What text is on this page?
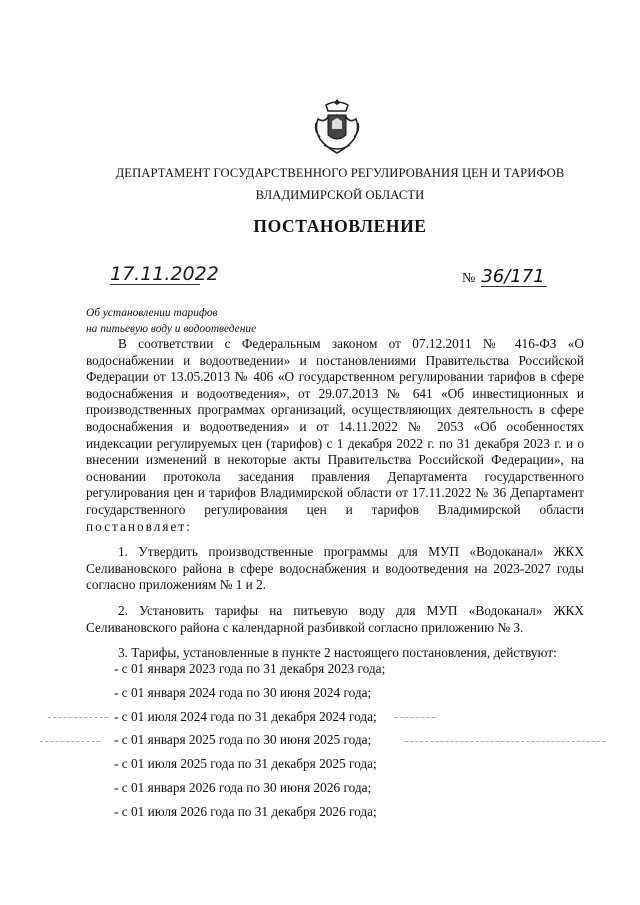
ДЕПАРТАМЕНТ ГОСУДАРСТВЕННОГО РЕГУЛИРОВАНИЯ ЦЕН И ТАРИФОВ
ВЛАДИМИРСКОЙ ОБЛАСТИ
ПОСТАНОВЛЕНИЕ
17.11.2022	№ 36/171
Об установлении тарифов
на питьевую воду и водоотведение

В соответствии с Федеральным законом от 07.12.2011 № 416-ФЗ «О водоснабжении и водоотведении» и постановлениями Правительства Российской Федерации от 13.05.2013 № 406 «О государственном регулировании тарифов в сфере водоснабжения и водоотведения», от 29.07.2013 № 641 «Об инвестиционных и производственных программах организаций, осуществляющих деятельность в сфере водоснабжения и водоотведения» и от 14.11.2022 № 2053 «Об особенностях индексации регулируемых цен (тарифов) с 1 декабря 2022 г. по 31 декабря 2023 г. и о внесении изменений в некоторые акты Правительства Российской Федерации», на основании протокола заседания правления Департамента государственного регулирования цен и тарифов Владимирской области от 17.11.2022 № 36 Департамент государственного регулирования цен и тарифов Владимирской области постановляет:

1. Утвердить производственные программы для МУП «Водоканал» ЖКХ Селивановского района в сфере водоснабжения и водоотведения на 2023-2027 годы согласно приложениям № 1 и 2.

2. Установить тарифы на питьевую воду для МУП «Водоканал» ЖКХ Селивановского района с календарной разбивкой согласно приложению № 3.

3. Тарифы, установленные в пункте 2 настоящего постановления, действуют:

- с 01 января 2023 года по 31 декабря 2023 года;
- с 01 января 2024 года по 30 июня 2024 года;
- с 01 июля 2024 года по 31 декабря 2024 года;
- с 01 января 2025 года по 30 июня 2025 года;
- с 01 июля 2025 года по 31 декабря 2025 года;
- с 01 января 2026 года по 30 июня 2026 года;
- с 01 июля 2026 года по 31 декабря 2026 года;
